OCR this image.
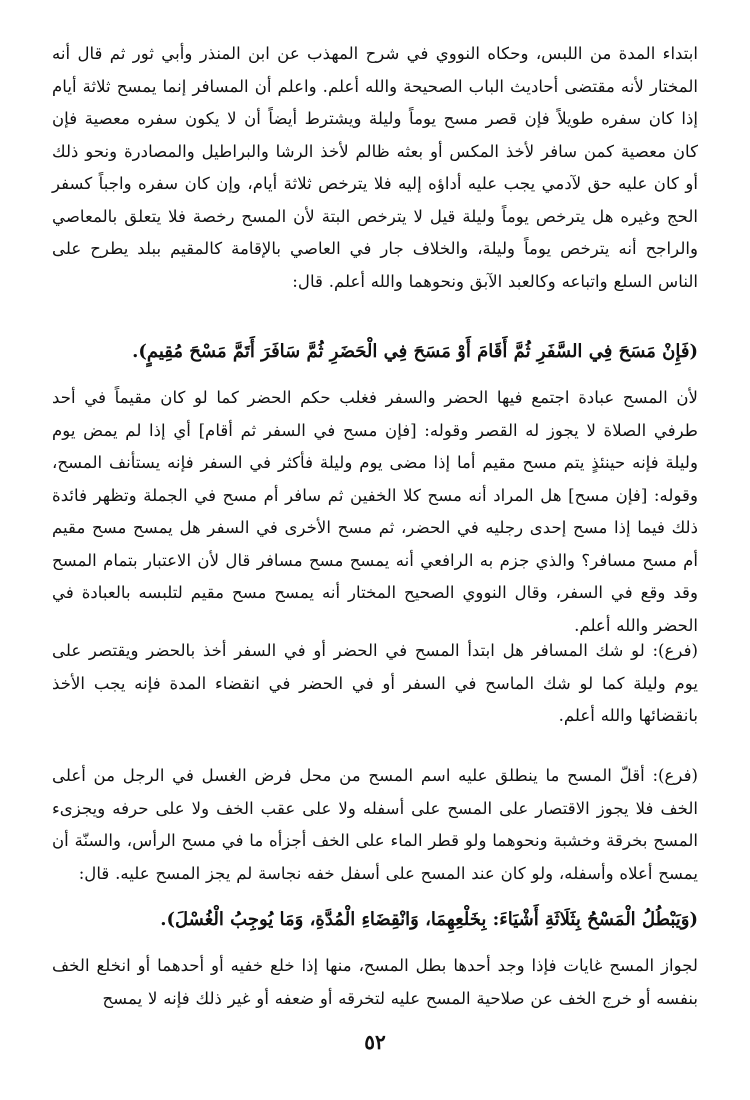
ابتداء المدة من اللبس، وحكاه النووي في شرح المهذب عن ابن المنذر وأبي ثور ثم قال أنه المختار لأنه مقتضى أحاديث الباب الصحيحة والله أعلم. واعلم أن المسافر إنما يمسح ثلاثة أيام إذا كان سفره طويلاً فإن قصر مسح يوماً وليلة ويشترط أيضاً أن لا يكون سفره معصية فإن كان معصية كمن سافر لأخذ المكس أو بعثه ظالم لأخذ الرشا والبراطيل والمصادرة ونحو ذلك أو كان عليه حق لآدمي يجب عليه أداؤه إليه فلا يترخص ثلاثة أيام، وإن كان سفره واجباً كسفر الحج وغيره هل يترخص يوماً وليلة قيل لا يترخص البتة لأن المسح رخصة فلا يتعلق بالمعاصي والراجح أنه يترخص يوماً وليلة، والخلاف جار في العاصي بالإقامة كالمقيم ببلد يطرح على الناس السلع واتباعه وكالعبد الآبق ونحوهما والله أعلم. قال:

(فَإِنْ مَسَحَ فِي السَّفَرِ ثُمَّ أَقَامَ أَوْ مَسَحَ فِي الْحَضَرِ ثُمَّ سَافَرَ أَتَمَّ مَسْحَ مُقِيمٍ).

لأن المسح عبادة اجتمع فيها الحضر والسفر فغلب حكم الحضر كما لو كان مقيماً في أحد طرفي الصلاة لا يجوز له القصر وقوله: [فإن مسح في السفر ثم أقام] أي إذا لم يمض يوم وليلة فإنه حينئذٍ يتم مسح مقيم أما إذا مضى يوم وليلة فأكثر في السفر فإنه يستأنف المسح، وقوله: [فإن مسح] هل المراد أنه مسح كلا الخفين ثم سافر أم مسح في الجملة وتظهر فائدة ذلك فيما إذا مسح إحدى رجليه في الحضر، ثم مسح الأخرى في السفر هل يمسح مسح مقيم أم مسح مسافر؟ والذي جزم به الرافعي أنه يمسح مسح مسافر قال لأن الاعتبار بتمام المسح وقد وقع في السفر، وقال النووي الصحيح المختار أنه يمسح مسح مقيم لتلبسه بالعبادة في الحضر والله أعلم.

(فرع): لو شك المسافر هل ابتدأ المسح في الحضر أو في السفر أخذ بالحضر ويقتصر على يوم وليلة كما لو شك الماسح في السفر أو في الحضر في انقضاء المدة فإنه يجب الأخذ بانقضائها والله أعلم.

(فرع): أقلّ المسح ما ينطلق عليه اسم المسح من محل فرض الغسل في الرجل من أعلى الخف فلا يجوز الاقتصار على المسح على أسفله ولا على عقب الخف ولا على حرفه ويجزىء المسح بخرقة وخشبة ونحوهما ولو قطر الماء على الخف أجزأه ما في مسح الرأس، والسنّة أن يمسح أعلاه وأسفله، ولو كان عند المسح على أسفل خفه نجاسة لم يجز المسح عليه. قال:

(وَيَبْطُلُ الْمَسْحُ بِثَلَاثَةِ أَشْيَاءَ: بِخَلْعِهِمَا، وَانْقِضَاءِ الْمُدَّةِ، وَمَا يُوجِبُ الْغُسْلَ).

لجواز المسح غايات فإذا وجد أحدها بطل المسح، منها إذا خلع خفيه أو أحدهما أو انخلع الخف بنفسه أو خرج الخف عن صلاحية المسح عليه لتخرقه أو ضعفه أو غير ذلك فإنه لا يمسح

٥٢
